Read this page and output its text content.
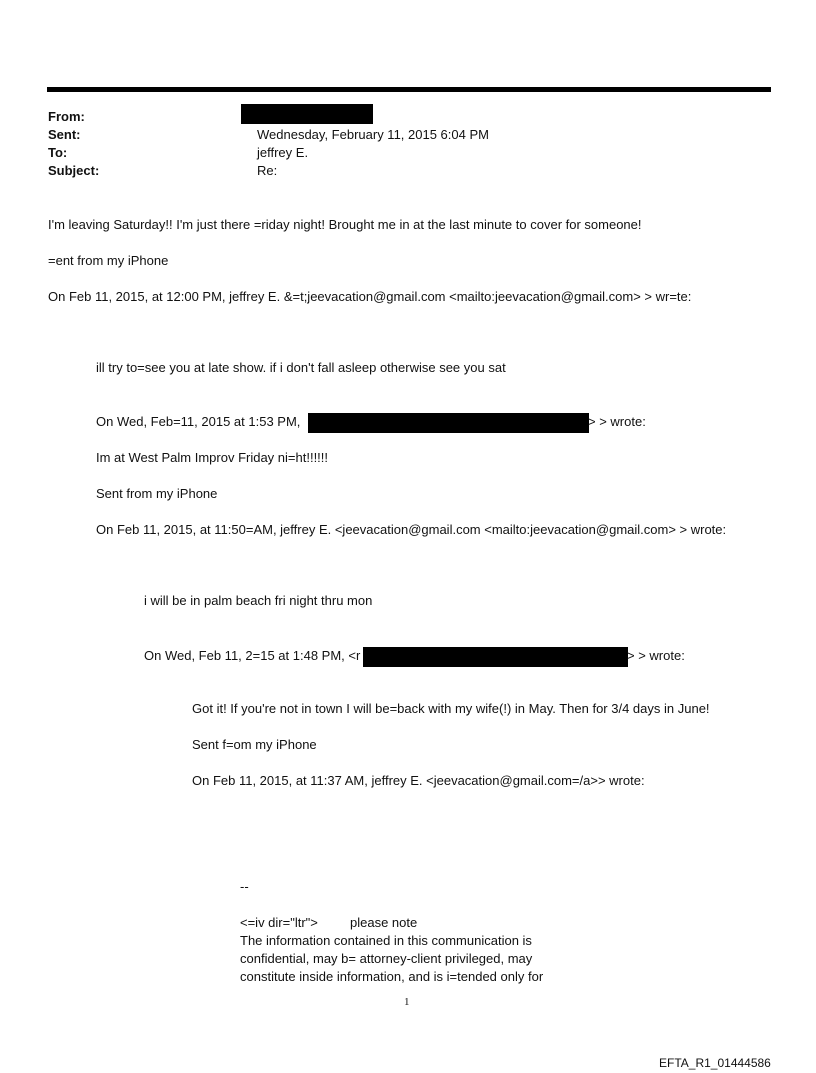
From:
Sent:	Wednesday, February 11, 2015 6:04 PM
To:	jeffrey E.
Subject:	Re:
I'm leaving Saturday!! I'm just there =riday night! Brought me in at the last minute to cover for someone!
=ent from my iPhone
On Feb 11, 2015, at 12:00 PM, jeffrey E. &=t;jeevacation@gmail.com <mailto:jeevacation@gmail.com> > wr=te:
ill try to=see you at late show. if i don't fall asleep otherwise see you sat
On Wed, Feb=11, 2015 at 1:53 PM,	> > wrote:
Im at West Palm Improv Friday ni=ht!!!!!!
Sent from my iPhone
On Feb 11, 2015, at 11:50=AM, jeffrey E. <jeevacation@gmail.com <mailto:jeevacation@gmail.com> > wrote:
i will be in palm beach fri night thru mon
On Wed, Feb 11, 2=15 at 1:48 PM, <r	> > wrote:
Got it! If you're not in town I will be=back with my wife(!) in May. Then for 3/4 days in June!
Sent f=om my iPhone
On Feb 11, 2015, at 11:37 AM, jeffrey E. <jeevacation@gmail.com=/a>> wrote:
--
<=iv dir="ltr"> please note
The information contained in this communication is
confidential, may b= attorney-client privileged, may
constitute inside information, and is i=tended only for
1
EFTA_R1_01444586
